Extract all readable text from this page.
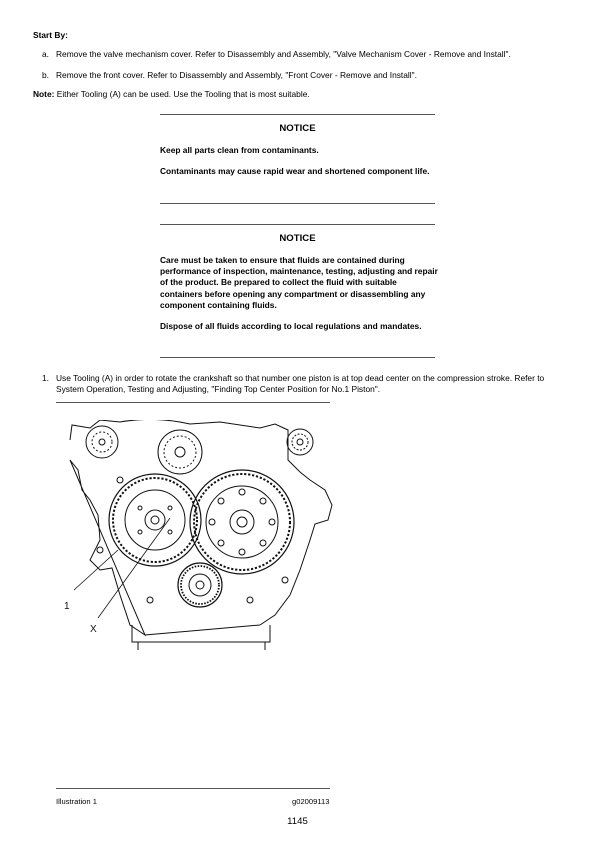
Start By:
a. Remove the valve mechanism cover. Refer to Disassembly and Assembly, "Valve Mechanism Cover - Remove and Install".
b. Remove the front cover. Refer to Disassembly and Assembly, "Front Cover - Remove and Install".
Note: Either Tooling (A) can be used. Use the Tooling that is most suitable.
NOTICE
Keep all parts clean from contaminants.
Contaminants may cause rapid wear and shortened component life.
NOTICE
Care must be taken to ensure that fluids are contained during performance of inspection, maintenance, testing, adjusting and repair of the product. Be prepared to collect the fluid with suitable containers before opening any compartment or disassembling any component containing fluids.
Dispose of all fluids according to local regulations and mandates.
1. Use Tooling (A) in order to rotate the crankshaft so that number one piston is at top dead center on the compression stroke. Refer to System Operation, Testing and Adjusting, "Finding Top Center Position for No.1 Piston".
1
X
Illustration 1	g02009113
1145
